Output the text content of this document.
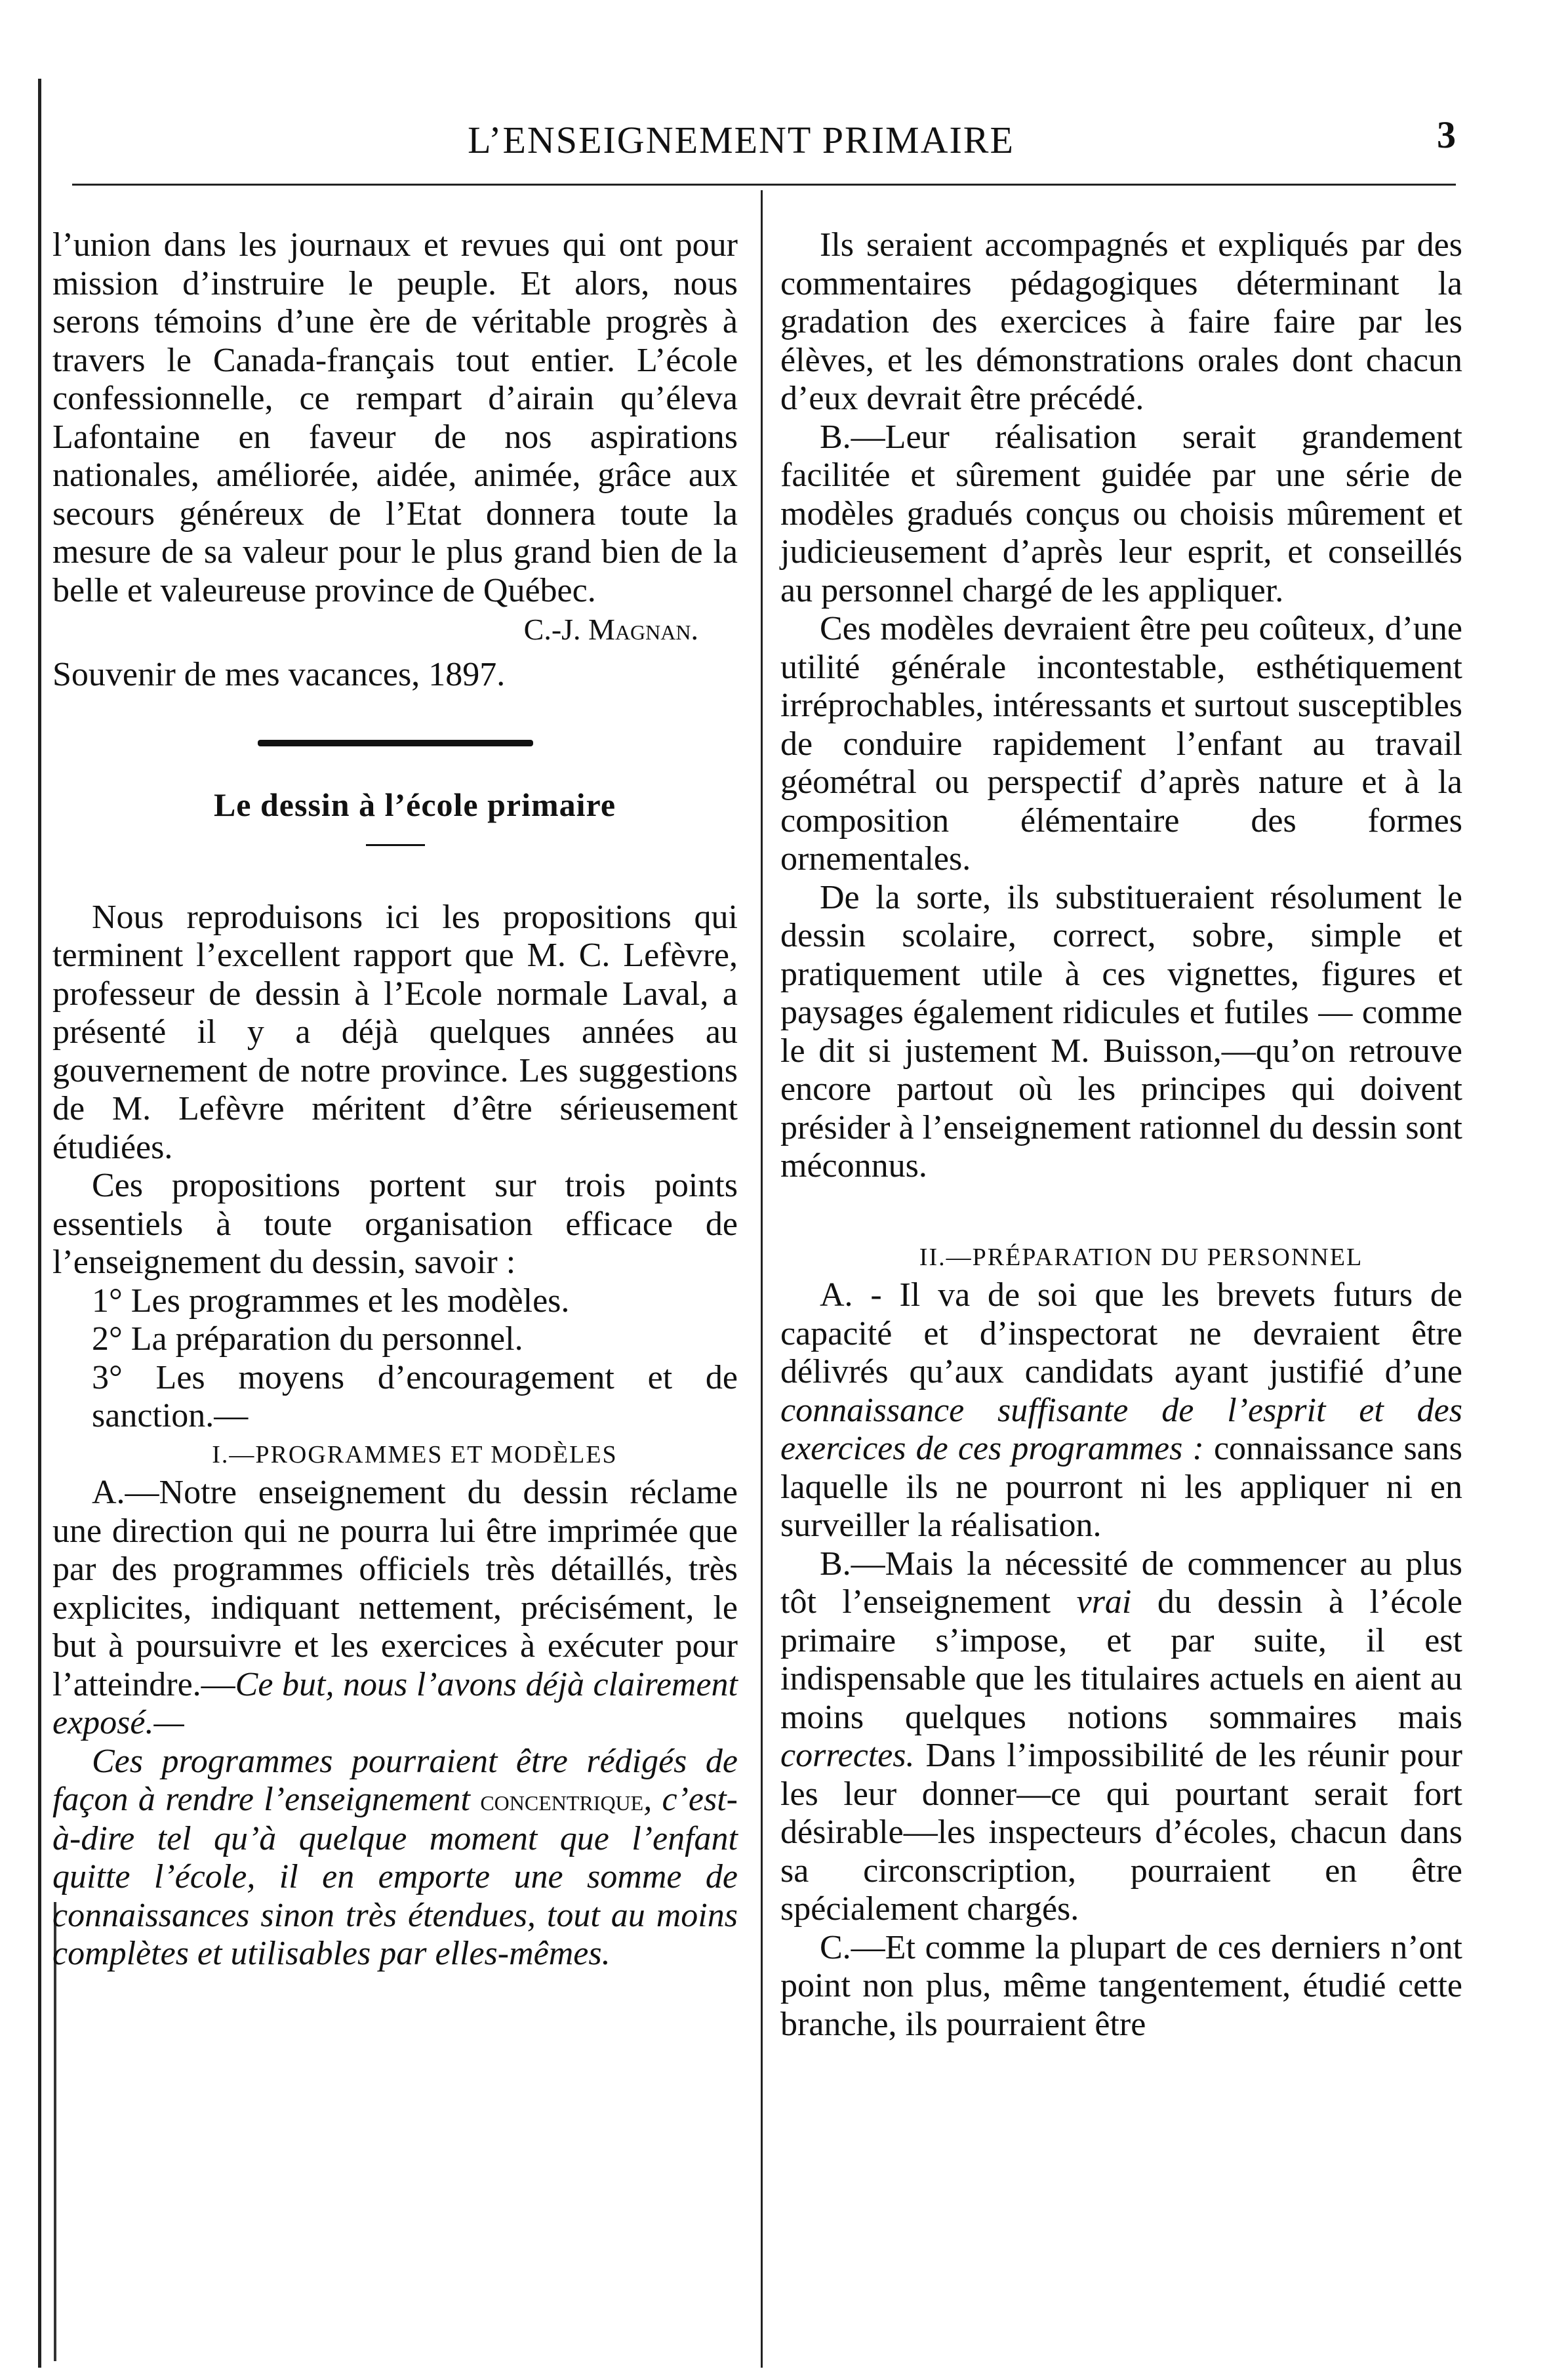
L’ENSEIGNEMENT PRIMAIRE	3

l’union dans les journaux et revues qui ont pour mission d’instruire le peuple. Et alors, nous serons témoins d’une ère de véritable progrès à travers le Canada-français tout entier. L’école confessionnelle, ce rempart d’airain qu’éleva Lafontaine en faveur de nos aspirations nationales, améliorée, aidée, animée, grâce aux secours généreux de l’Etat donnera toute la mesure de sa valeur pour le plus grand bien de la belle et valeureuse province de Québec.

C.-J. Magnan.

Souvenir de mes vacances, 1897.

Le dessin à l’école primaire

Nous reproduisons ici les propositions qui terminent l’excellent rapport que M. C. Lefèvre, professeur de dessin à l’Ecole normale Laval, a présenté il y a déjà quelques années au gouvernement de notre province. Les suggestions de M. Lefèvre méritent d’être sérieusement étudiées.

Ces propositions portent sur trois points essentiels à toute organisation efficace de l’enseignement du dessin, savoir :

1° Les programmes et les modèles.

2° La préparation du personnel.

3° Les moyens d’encouragement et de sanction.—

I.—PROGRAMMES ET MODÈLES

A.—Notre enseignement du dessin réclame une direction qui ne pourra lui être imprimée que par des programmes officiels très détaillés, très explicites, indiquant nettement, précisément, le but à poursuivre et les exercices à exécuter pour l’atteindre.—Ce but, nous l’avons déjà clairement exposé.—

Ces programmes pourraient être rédigés de façon à rendre l’enseignement concentrique, c’est-à-dire tel qu’à quelque moment que l’enfant quitte l’école, il en emporte une somme de connaissances sinon très étendues, tout au moins complètes et utilisables par elles-mêmes.

Ils seraient accompagnés et expliqués par des commentaires pédagogiques déterminant la gradation des exercices à faire faire par les élèves, et les démonstrations orales dont chacun d’eux devrait être précédé.

B.—Leur réalisation serait grandement facilitée et sûrement guidée par une série de modèles gradués conçus ou choisis mûrement et judicieusement d’après leur esprit, et conseillés au personnel chargé de les appliquer.

Ces modèles devraient être peu coûteux, d’une utilité générale incontestable, esthétiquement irréprochables, intéressants et surtout susceptibles de conduire rapidement l’enfant au travail géométral ou perspectif d’après nature et à la composition élémentaire des formes ornementales.

De la sorte, ils substitueraient résolument le dessin scolaire, correct, sobre, simple et pratiquement utile à ces vignettes, figures et paysages également ridicules et futiles — comme le dit si justement M. Buisson,—qu’on retrouve encore partout où les principes qui doivent présider à l’enseignement rationnel du dessin sont méconnus.

II.—PRÉPARATION DU PERSONNEL

A. - Il va de soi que les brevets futurs de capacité et d’inspectorat ne devraient être délivrés qu’aux candidats ayant justifié d’une connaissance suffisante de l’esprit et des exercices de ces programmes : connaissance sans laquelle ils ne pourront ni les appliquer ni en surveiller la réalisation.

B.—Mais la nécessité de commencer au plus tôt l’enseignement vrai du dessin à l’école primaire s’impose, et par suite, il est indispensable que les titulaires actuels en aient au moins quelques notions sommaires mais correctes. Dans l’impossibilité de les réunir pour les leur donner—ce qui pourtant serait fort désirable—les inspecteurs d’écoles, chacun dans sa circonscription, pourraient en être spécialement chargés.

C.—Et comme la plupart de ces derniers n’ont point non plus, même tangentement, étudié cette branche, ils pourraient être
